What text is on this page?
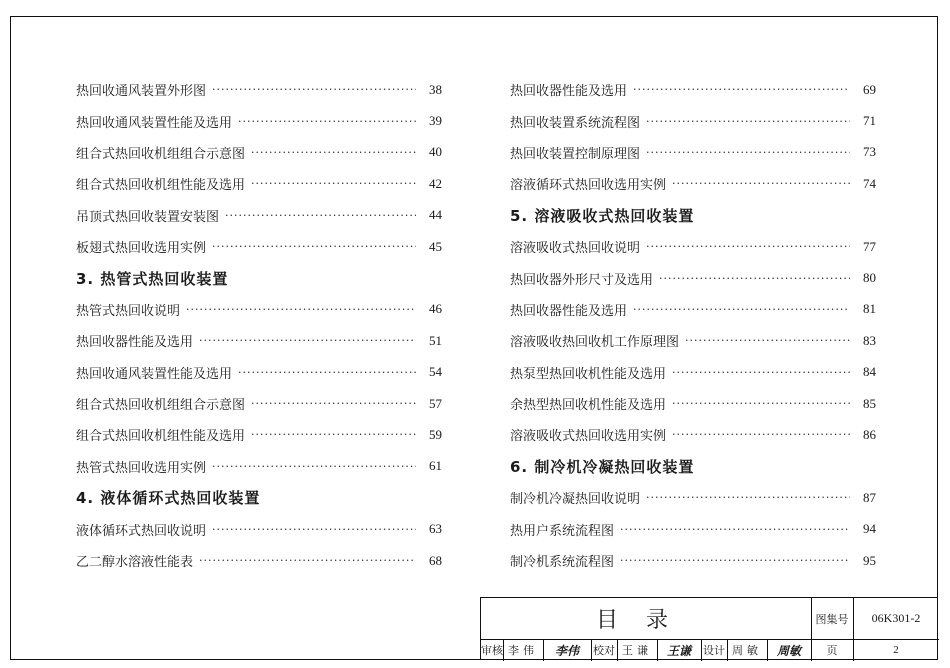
热回收通风装置外形图 ·····	38
热回收通风装置性能及选用 ·····	39
组合式热回收机组组合示意图 ·····	40
组合式热回收机组性能及选用 ·····	42
吊顶式热回收装置安装图 ·····	44
板翅式热回收选用实例 ·····	45
3. 热管式热回收装置
热管式热回收说明 ·····	46
热回收器性能及选用 ·····	51
热回收通风装置性能及选用 ·····	54
组合式热回收机组组合示意图 ·····	57
组合式热回收机组性能及选用 ·····	59
热管式热回收选用实例 ·····	61
4. 液体循环式热回收装置
液体循环式热回收说明 ·····	63
乙二醇水溶液性能表 ·····	68
热回收器性能及选用 ·····	69
热回收装置系统流程图 ·····	71
热回收装置控制原理图 ·····	73
溶液循环式热回收选用实例 ·····	74
5. 溶液吸收式热回收装置
溶液吸收式热回收说明 ·····	77
热回收器外形尺寸及选用 ·····	80
热回收器性能及选用 ·····	81
溶液吸收热回收机工作原理图 ·····	83
热泵型热回收机性能及选用 ·····	84
余热型热回收机性能及选用 ·····	85
溶液吸收式热回收选用实例 ·····	86
6. 制冷机冷凝热回收装置
制冷机冷凝热回收说明 ·····	87
热用户系统流程图 ·····	94
制冷机系统流程图 ·····	95
目录	图集号	06K301-2
审核 李伟	李伟	校对 王谦	王谦	设计 周敏	周敏	页	2
